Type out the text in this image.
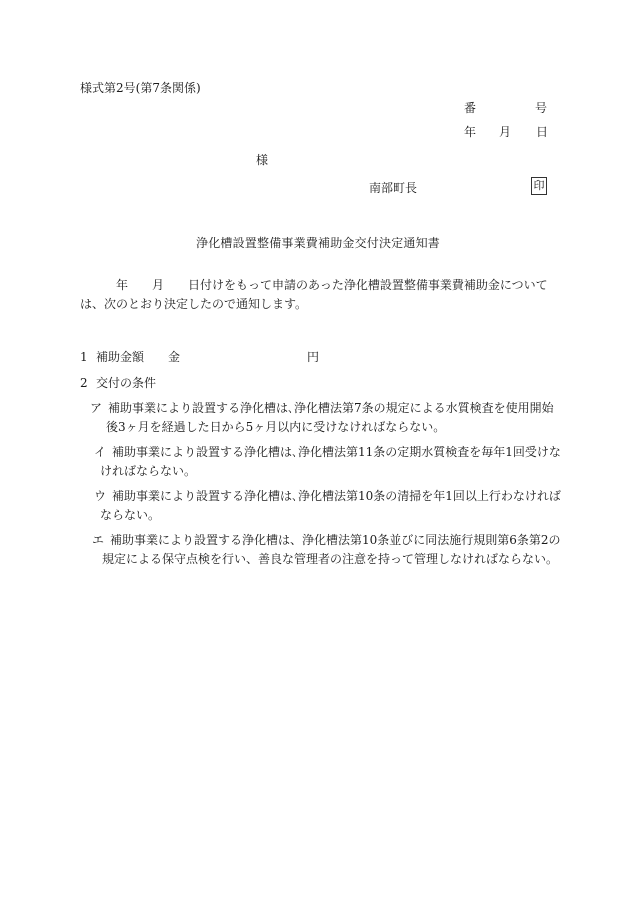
様式第2号(第7条関係)
番	号
年 月 日
様
南部町長	印
浄化槽設置整備事業費補助金交付決定通知書
年 月 日付けをもって申請のあった浄化槽設置整備事業費補助金について
は、次のとおり決定したので通知します。
1 補助金額 金	円
2 交付の条件
ア 補助事業により設置する浄化槽は､浄化槽法第7条の規定による水質検査を使用開始
後3ヶ月を経過した日から5ヶ月以内に受けなければならない｡
イ 補助事業により設置する浄化槽は､浄化槽法第11条の定期水質検査を毎年1回受けな
ければならない｡
ウ 補助事業により設置する浄化槽は､浄化槽法第10条の清掃を年1回以上行わなければ
ならない｡
エ 補助事業により設置する浄化槽は、浄化槽法第10条並びに同法施行規則第6条第2の
規定による保守点検を行い、善良な管理者の注意を持って管理しなければならない。
